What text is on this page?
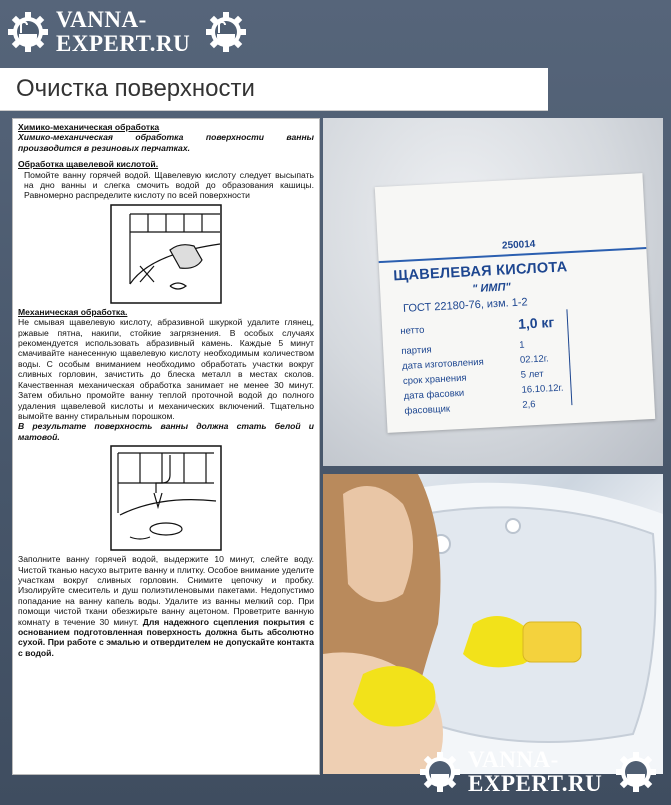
VANNA-
EXPERT.RU
Очистка поверхности
Химико-механическая обработка

Химико-механическая обработка поверхности ванны производится в резиновых перчатках.

Обработка щавелевой кислотой.

Помойте ванну горячей водой. Щавелевую кислоту следует высыпать на дно ванны и слегка смочить водой до образования кашицы. Равномерно распределите кислоту по всей поверхности

Механическая обработка.

Не смывая щавелевую кислоту, абразивной шкуркой удалите глянец, ржавые пятна, накипи, стойкие загрязнения. В особых случаях рекомендуется использовать абразивный камень. Каждые 5 минут смачивайте нанесенную щавелевую кислоту необходимым количеством воды. С особым вниманием необходимо обработать участки вокруг сливных горловин, зачистить до блеска металл в местах сколов. Качественная механическая обработка занимает не менее 30 минут. Затем обильно промойте ванну теплой проточной водой до полного удаления щавелевой кислоты и механических включений. Тщательно вымойте ванну стиральным порошком.

В результате поверхность ванны должна стать белой и матовой.

Заполните ванну горячей водой, выдержите 10 минут, слейте воду. Чистой тканью насухо вытрите ванну и плитку. Особое внимание уделите участкам вокруг сливных горловин. Снимите цепочку и пробку. Изолируйте смеситель и душ полиэтиленовыми пакетами. Недопустимо попадание на ванну капель воды. Удалите из ванны мелкий сор. При помощи чистой ткани обезжирьте ванну ацетоном. Проветрите ванную комнату в течение 30 минут. Для надежного сцепления покрытия с основанием подготовленная поверхность должна быть абсолютно сухой. При работе с эмалью и отвердителем не допускайте контакта с водой.

250014
ЩАВЕЛЕВАЯ КИСЛОТА
" ИМП"
ГОСТ 22180-76, изм. 1-2
нетто	1,0 кг
партия	1
дата изготовления	02.12г.
срок хранения	5 лет
дата фасовки	16.10.12г.
фасовщик	2,6
VANNA-
EXPERT.RU
